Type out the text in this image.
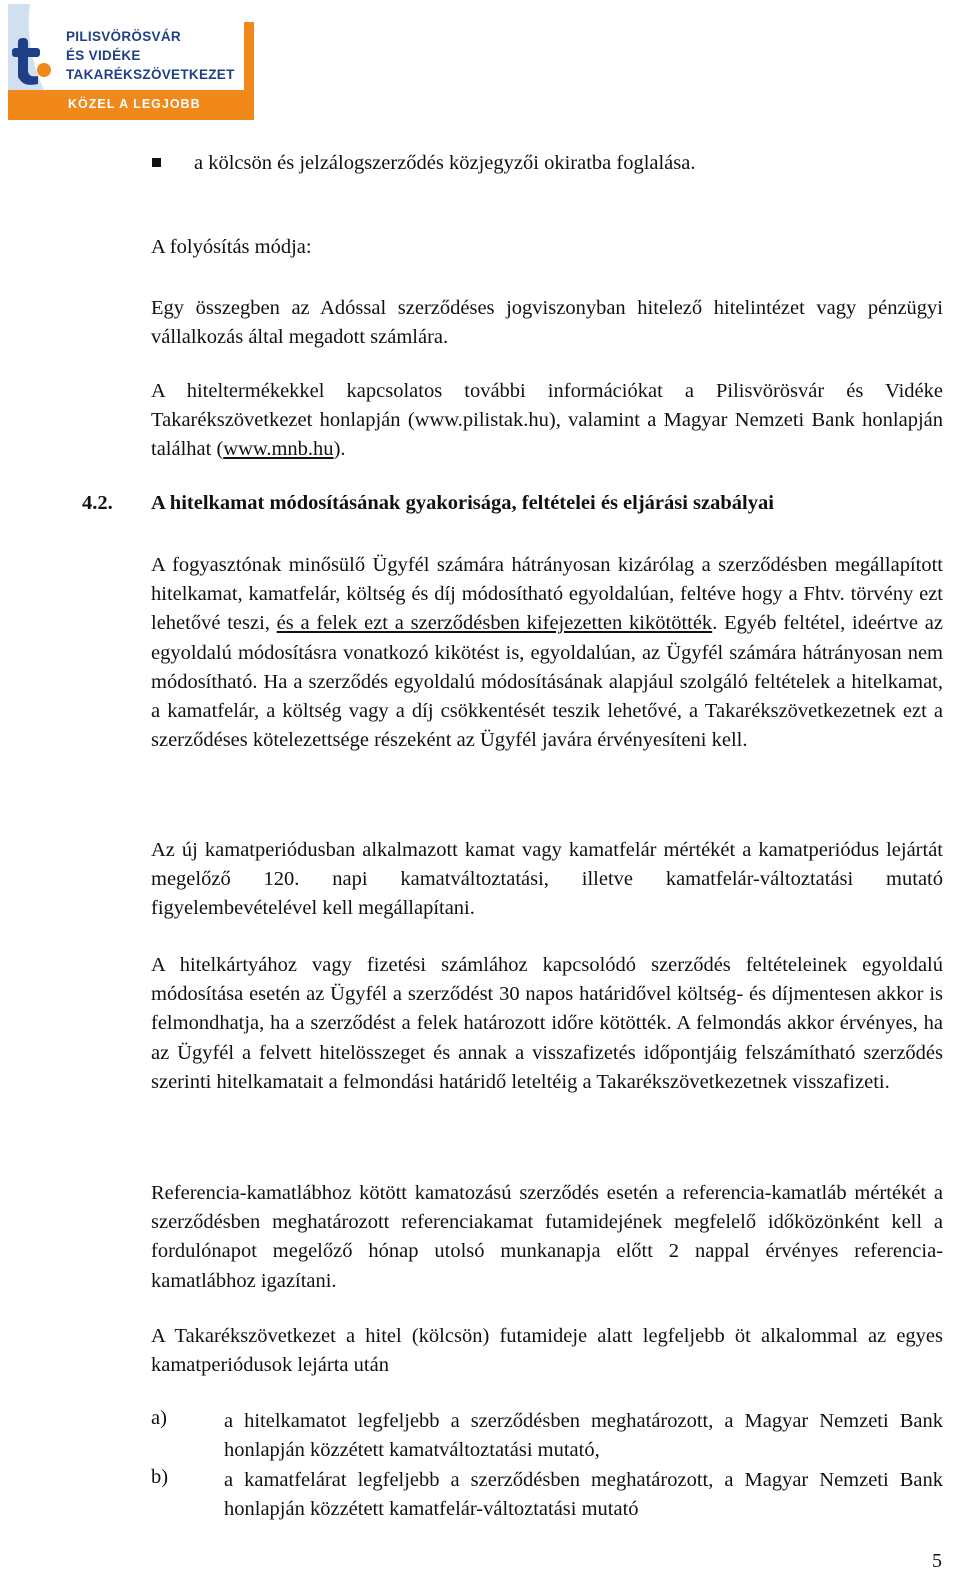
PILISVÖRÖSVÁR
ÉS VIDÉKE
TAKARÉKSZÖVETKEZET
KÖZEL A LEGJOBB

a kölcsön és jelzálogszerződés közjegyzői okiratba foglalása.

A folyósítás módja:

Egy összegben az Adóssal szerződéses jogviszonyban hitelező hitelintézet vagy pénzügyi vállalkozás által megadott számlára.

A hiteltermékekkel kapcsolatos további információkat a Pilisvörösvár és Vidéke Takarékszövetkezet honlapján (www.pilistak.hu), valamint a Magyar Nemzeti Bank honlapján találhat (www.mnb.hu).

4.2. A hitelkamat módosításának gyakorisága, feltételei és eljárási szabályai

A fogyasztónak minősülő Ügyfél számára hátrányosan kizárólag a szerződésben megállapított hitelkamat, kamatfelár, költség és díj módosítható egyoldalúan, feltéve hogy a Fhtv. törvény ezt lehetővé teszi, és a felek ezt a szerződésben kifejezetten kikötötték. Egyéb feltétel, ideértve az egyoldalú módosításra vonatkozó kikötést is, egyoldalúan, az Ügyfél számára hátrányosan nem módosítható. Ha a szerződés egyoldalú módosításának alapjául szolgáló feltételek a hitelkamat, a kamatfelár, a költség vagy a díj csökkentését teszik lehetővé, a Takarékszövetkezetnek ezt a szerződéses kötelezettsége részeként az Ügyfél javára érvényesíteni kell.

Az új kamatperiódusban alkalmazott kamat vagy kamatfelár mértékét a kamatperiódus lejártát megelőző 120. napi kamatváltoztatási, illetve kamatfelár-változtatási mutató figyelembevételével kell megállapítani.

A hitelkártyához vagy fizetési számlához kapcsolódó szerződés feltételeinek egyoldalú módosítása esetén az Ügyfél a szerződést 30 napos határidővel költség- és díjmentesen akkor is felmondhatja, ha a szerződést a felek határozott időre kötötték. A felmondás akkor érvényes, ha az Ügyfél a felvett hitelösszeget és annak a visszafizetés időpontjáig felszámítható szerződés szerinti hitelkamatait a felmondási határidő leteltéig a Takarékszövetkezetnek visszafizeti.

Referencia-kamatlábhoz kötött kamatozású szerződés esetén a referencia-kamatláb mértékét a szerződésben meghatározott referenciakamat futamidejének megfelelő időközönként kell a fordulónapot megelőző hónap utolsó munkanapja előtt 2 nappal érvényes referencia-kamatlábhoz igazítani.

A Takarékszövetkezet a hitel (kölcsön) futamideje alatt legfeljebb öt alkalommal az egyes kamatperiódusok lejárta után

a)	a hitelkamatot legfeljebb a szerződésben meghatározott, a Magyar Nemzeti Bank honlapján közzétett kamatváltoztatási mutató,

b)	a kamatfelárat legfeljebb a szerződésben meghatározott, a Magyar Nemzeti Bank honlapján közzétett kamatfelár-változtatási mutató

5
